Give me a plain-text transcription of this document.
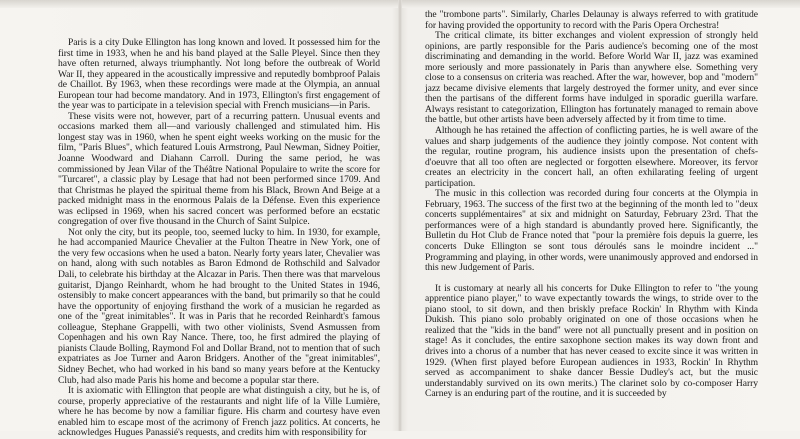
Paris is a city Duke Ellington has long known and loved. It possessed him for the first time in 1933, when he and his band played at the Salle Pleyel. Since then they have often returned, always triumphantly. Not long before the outbreak of World War II, they appeared in the acoustically impressive and reputedly bombproof Palais de Chaillot. By 1963, when these recordings were made at the Olympia, an annual European tour had become mandatory. And in 1973, Ellington's first engagement of the year was to participate in a television special with French musicians—in Paris.

These visits were not, however, part of a recurring pattern. Unusual events and occasions marked them all—and variously challenged and stimulated him. His longest stay was in 1960, when he spent eight weeks working on the music for the film, "Paris Blues", which featured Louis Armstrong, Paul Newman, Sidney Poitier, Joanne Woodward and Diahann Carroll. During the same period, he was commissioned by Jean Vilar of the Théâtre National Populaire to write the score for "Turcaret", a classic play by Lesage that had not been performed since 1709. And that Christmas he played the spiritual theme from his Black, Brown And Beige at a packed midnight mass in the enormous Palais de la Défense. Even this experience was eclipsed in 1969, when his sacred concert was performed before an ecstatic congregation of over five thousand in the Church of Saint Sulpice.

Not only the city, but its people, too, seemed lucky to him. In 1930, for example, he had accompanied Maurice Chevalier at the Fulton Theatre in New York, one of the very few occasions when he used a baton. Nearly forty years later, Chevalier was on hand, along with such notables as Baron Edmond de Rothschild and Salvador Dali, to celebrate his birthday at the Alcazar in Paris. Then there was that marvelous guitarist, Django Reinhardt, whom he had brought to the United States in 1946, ostensibly to make concert appearances with the band, but primarily so that he could have the opportunity of enjoying firsthand the work of a musician he regarded as one of the "great inimitables". It was in Paris that he recorded Reinhardt's famous colleague, Stephane Grappelli, with two other violinists, Svend Asmussen from Copenhagen and his own Ray Nance. There, too, he first admired the playing of pianists Claude Bolling, Raymond Fol and Dollar Brand, not to mention that of such expatriates as Joe Turner and Aaron Bridgers. Another of the "great inimitables", Sidney Bechet, who had worked in his band so many years before at the Kentucky Club, had also made Paris his home and become a popular star there.

It is axiomatic with Ellington that people are what distinguish a city, but he is, of course, properly appreciative of the restaurants and night life of la Ville Lumière, where he has become by now a familiar figure. His charm and courtesy have even enabled him to escape most of the acrimony of French jazz politics. At concerts, he acknowledges Hugues Panassié's requests, and credits him with responsibility for

the "trombone parts". Similarly, Charles Delaunay is always referred to with gratitude for having provided the opportunity to record with the Paris Opera Orchestra!

The critical climate, its bitter exchanges and violent expression of strongly held opinions, are partly responsible for the Paris audience's becoming one of the most discriminating and demanding in the world. Before World War II, jazz was examined more seriously and more passionately in Paris than anywhere else. Something very close to a consensus on criteria was reached. After the war, however, bop and "modern" jazz became divisive elements that largely destroyed the former unity, and ever since then the partisans of the different forms have indulged in sporadic guerilla warfare. Always resistant to categorization, Ellington has fortunately managed to remain above the battle, but other artists have been adversely affected by it from time to time.

Although he has retained the affection of conflicting parties, he is well aware of the values and sharp judgements of the audience they jointly compose. Not content with the regular, routine program, his audience insists upon the presentation of chefs-d'oeuvre that all too often are neglected or forgotten elsewhere. Moreover, its fervor creates an electricity in the concert hall, an often exhilarating feeling of urgent participation.

The music in this collection was recorded during four concerts at the Olympia in February, 1963. The success of the first two at the beginning of the month led to "deux concerts supplémentaires" at six and midnight on Saturday, February 23rd. That the performances were of a high standard is abundantly proved here. Significantly, the Bulletin du Hot Club de France noted that "pour la première fois depuis la guerre, les concerts Duke Ellington se sont tous déroulés sans le moindre incident ..." Programming and playing, in other words, were unanimously approved and endorsed in this new Judgement of Paris.

It is customary at nearly all his concerts for Duke Ellington to refer to "the young apprentice piano player," to wave expectantly towards the wings, to stride over to the piano stool, to sit down, and then briskly preface Rockin' In Rhythm with Kinda Dukish. This piano solo probably originated on one of those occasions when he realized that the "kids in the band" were not all punctually present and in position on stage! As it concludes, the entire saxophone section makes its way down front and drives into a chorus of a number that has never ceased to excite since it was written in 1929. (When first played before European audiences in 1933, Rockin' In Rhythm served as accompaniment to shake dancer Bessie Dudley's act, but the music understandably survived on its own merits.) The clarinet solo by co-composer Harry Carney is an enduring part of the routine, and it is succeeded by
